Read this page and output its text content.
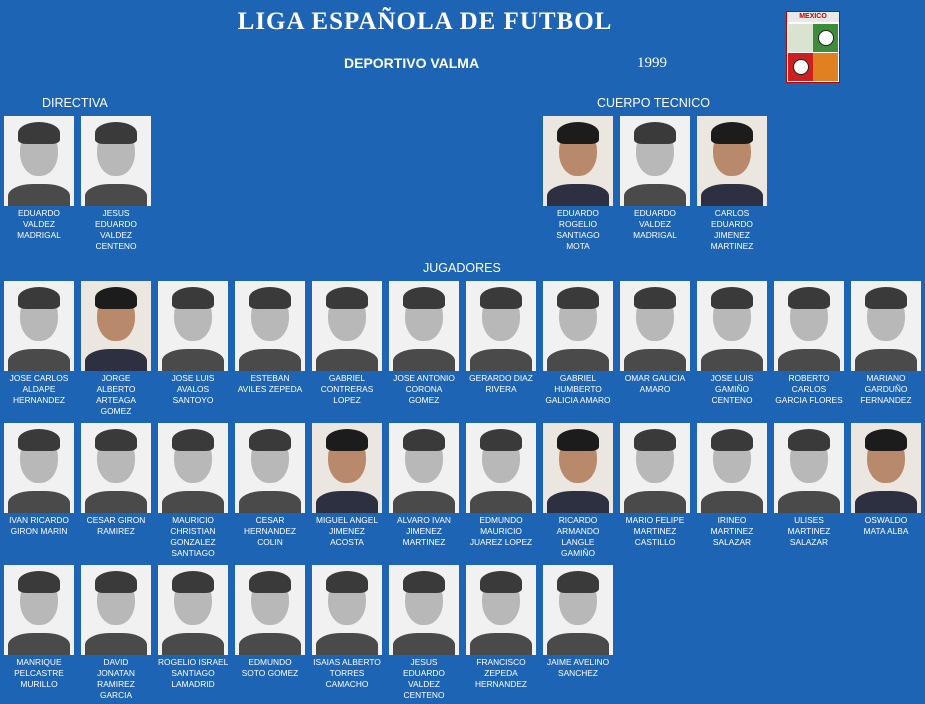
LIGA ESPAÑOLA DE FUTBOL
DEPORTIVO VALMA	1999
MEXICO
DIRECTIVA	CUERPO TECNICO
JUGADORES
EDUARDO
VALDEZ
MADRIGAL
JESUS
EDUARDO
VALDEZ
CENTENO
EDUARDO
ROGELIO
SANTIAGO
MOTA
EDUARDO
VALDEZ
MADRIGAL
CARLOS
EDUARDO
JIMENEZ
MARTINEZ
JOSE CARLOS
ALDAPE
HERNANDEZ
JORGE
ALBERTO
ARTEAGA
GOMEZ
JOSE LUIS
AVALOS
SANTOYO
ESTEBAN
AVILES ZEPEDA
GABRIEL
CONTRERAS
LOPEZ
JOSE ANTONIO
CORONA
GOMEZ
GERARDO DIAZ
RIVERA
GABRIEL
HUMBERTO
GALICIA AMARO
OMAR GALICIA
AMARO
JOSE LUIS
GAMIÑO
CENTENO
ROBERTO
CARLOS
GARCIA FLORES
MARIANO
GARDUÑO
FERNANDEZ
IVAN RICARDO
GIRON MARIN
CESAR GIRON
RAMIREZ
MAURICIO
CHRISTIAN
GONZALEZ
SANTIAGO
CESAR
HERNANDEZ
COLIN
MIGUEL ANGEL
JIMENEZ
ACOSTA
ALVARO IVAN
JIMENEZ
MARTINEZ
EDMUNDO
MAURICIO
JUAREZ LOPEZ
RICARDO
ARMANDO
LANGLE
GAMIÑO
MARIO FELIPE
MARTINEZ
CASTILLO
IRINEO
MARTINEZ
SALAZAR
ULISES
MARTINEZ
SALAZAR
OSWALDO
MATA ALBA
MANRIQUE
PELCASTRE
MURILLO
DAVID
JONATAN
RAMIREZ
GARCIA
ROGELIO ISRAEL
SANTIAGO
LAMADRID
EDMUNDO
SOTO GOMEZ
ISAIAS ALBERTO
TORRES
CAMACHO
JESUS
EDUARDO
VALDEZ
CENTENO
FRANCISCO
ZEPEDA
HERNANDEZ
JAIME AVELINO
SANCHEZ
